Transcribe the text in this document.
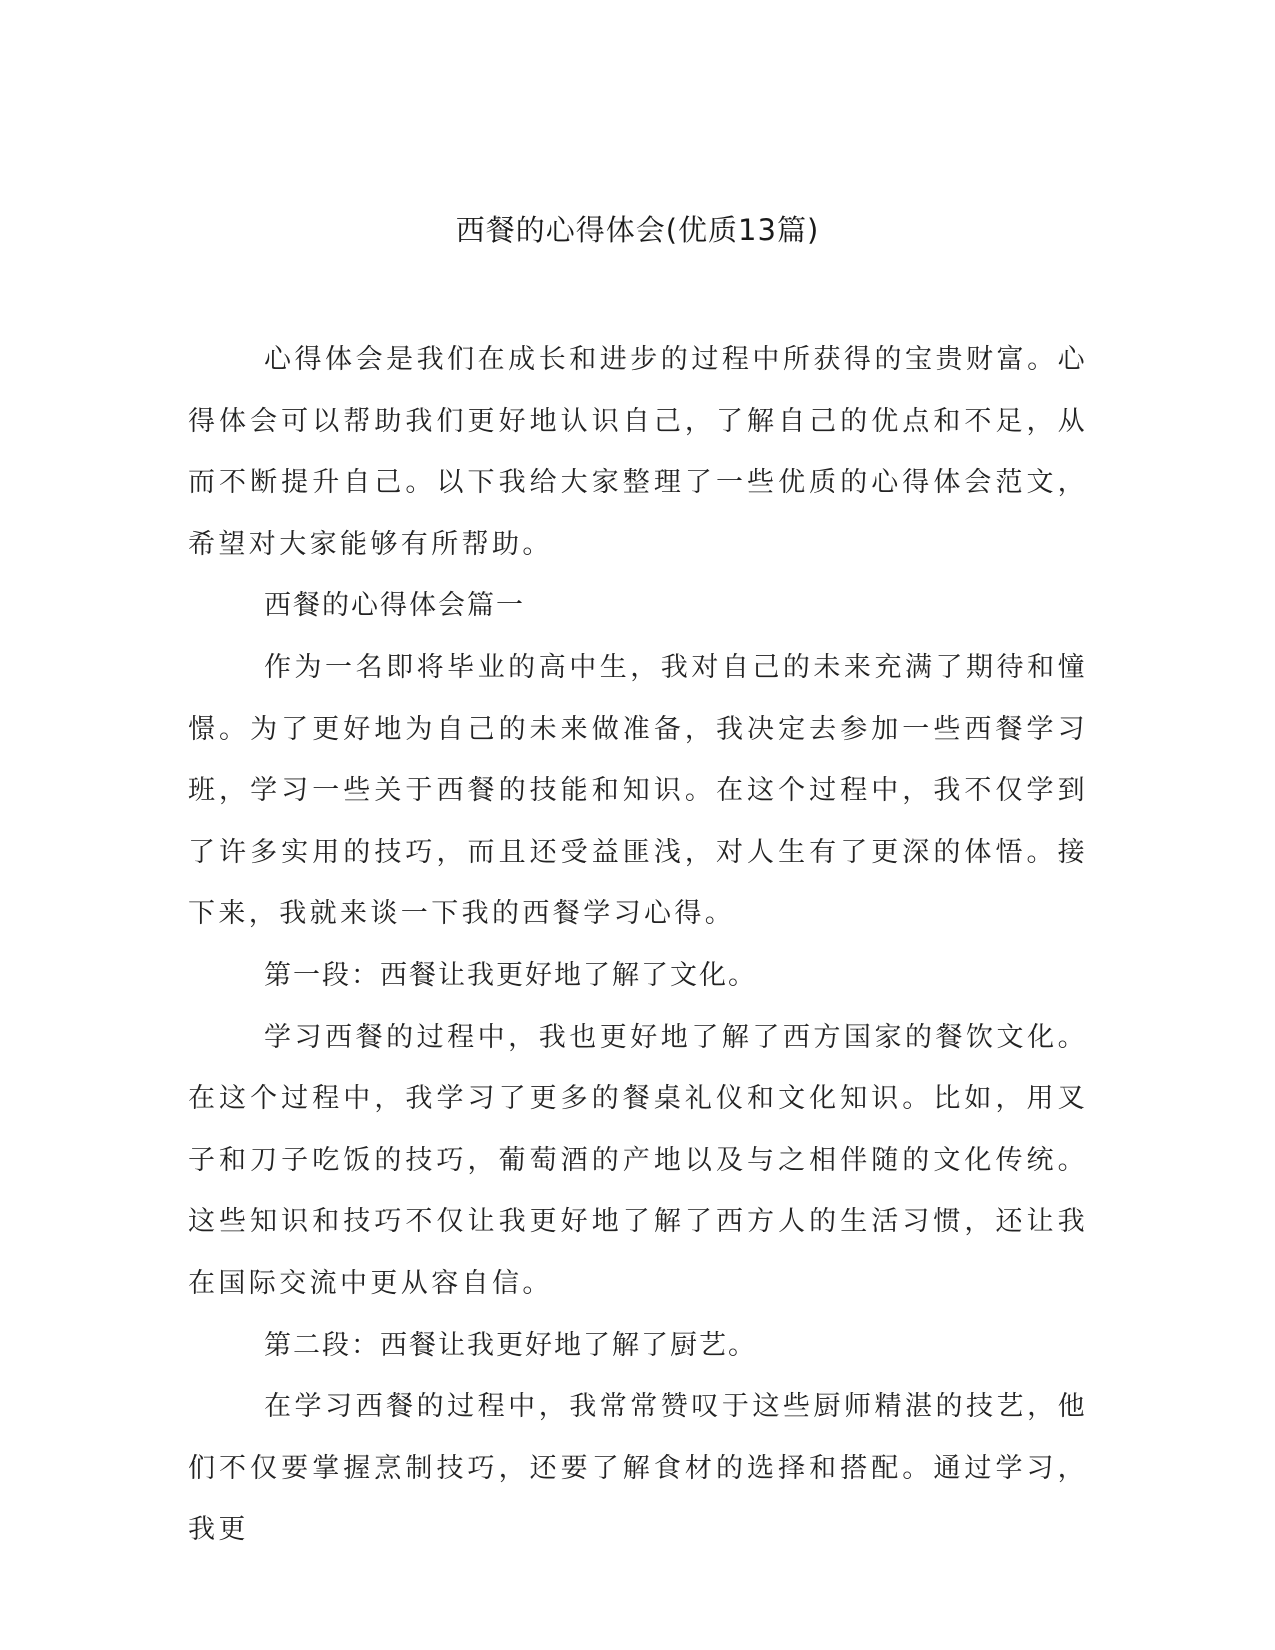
西餐的心得体会(优质13篇)

心得体会是我们在成长和进步的过程中所获得的宝贵财富。心得体会可以帮助我们更好地认识自己，了解自己的优点和不足，从而不断提升自己。以下我给大家整理了一些优质的心得体会范文，希望对大家能够有所帮助。

西餐的心得体会篇一

作为一名即将毕业的高中生，我对自己的未来充满了期待和憧憬。为了更好地为自己的未来做准备，我决定去参加一些西餐学习班，学习一些关于西餐的技能和知识。在这个过程中，我不仅学到了许多实用的技巧，而且还受益匪浅，对人生有了更深的体悟。接下来，我就来谈一下我的西餐学习心得。

第一段：西餐让我更好地了解了文化。

学习西餐的过程中，我也更好地了解了西方国家的餐饮文化。在这个过程中，我学习了更多的餐桌礼仪和文化知识。比如，用叉子和刀子吃饭的技巧，葡萄酒的产地以及与之相伴随的文化传统。这些知识和技巧不仅让我更好地了解了西方人的生活习惯，还让我在国际交流中更从容自信。

第二段：西餐让我更好地了解了厨艺。

在学习西餐的过程中，我常常赞叹于这些厨师精湛的技艺，他们不仅要掌握烹制技巧，还要了解食材的选择和搭配。通过学习，我更
